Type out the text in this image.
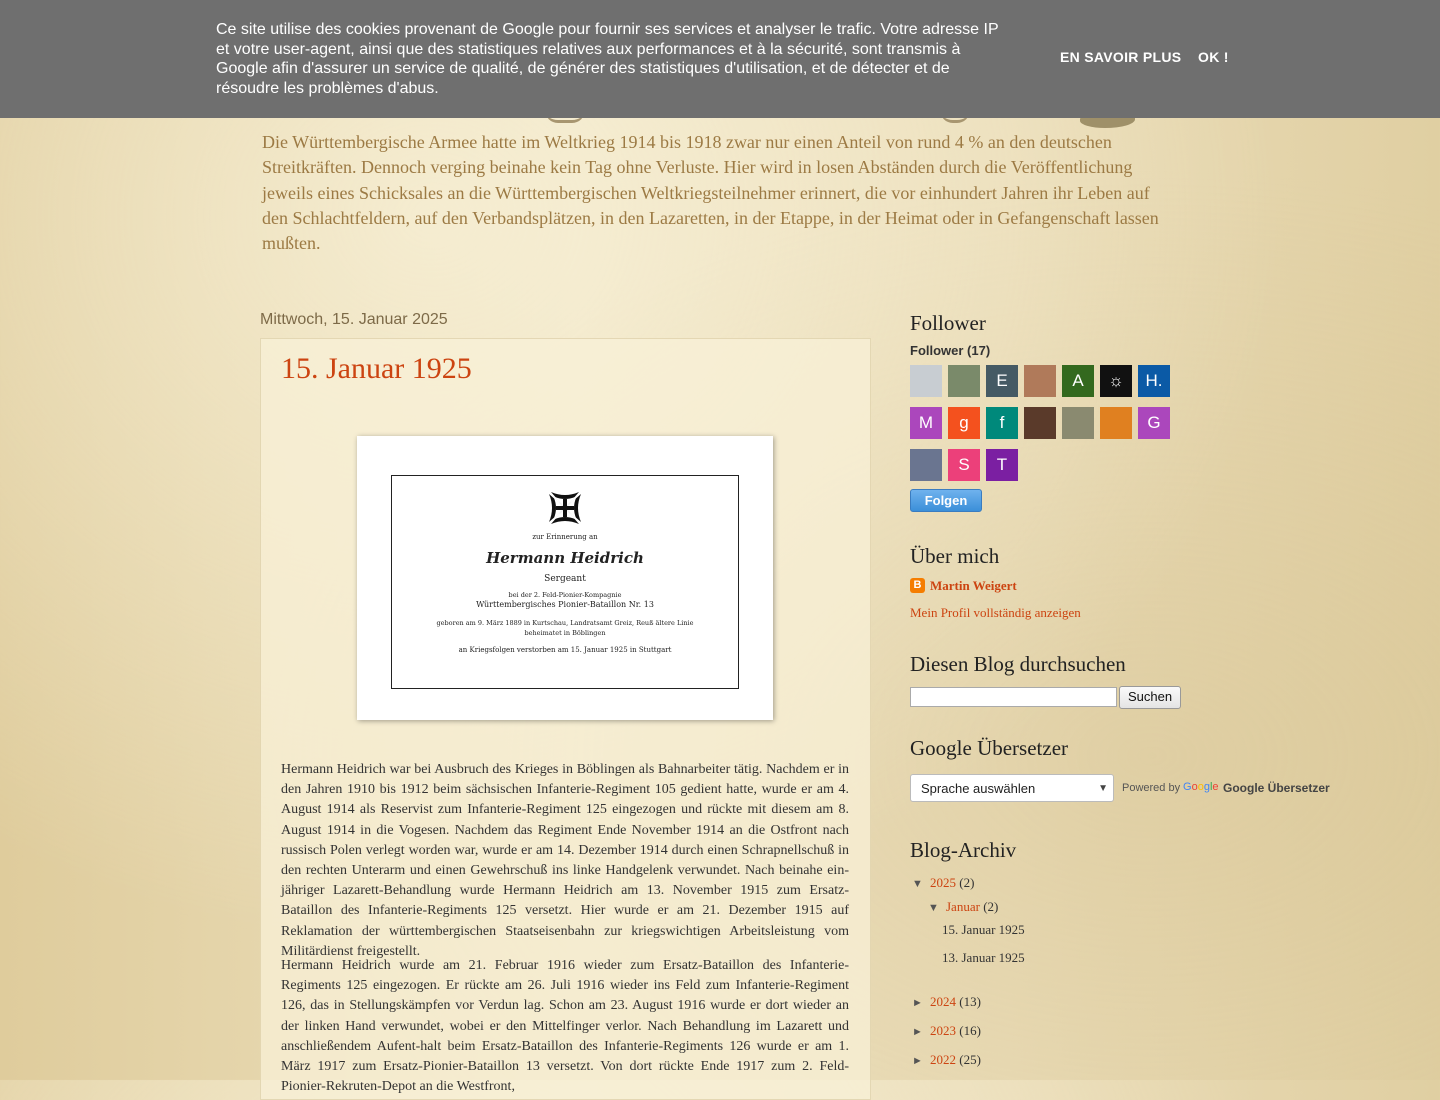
Ce site utilise des cookies provenant de Google pour fournir ses services et analyser le trafic. Votre adresse IP et votre user-agent, ainsi que des statistiques relatives aux performances et à la sécurité, sont transmis à Google afin d'assurer un service de qualité, de générer des statistiques d'utilisation, et de détecter et de résoudre les problèmes d'abus.
EN SAVOIR PLUS OK !
Die Württembergische Armee hatte im Weltkrieg 1914 bis 1918 zwar nur einen Anteil von rund 4 % an den deutschen Streitkräften. Dennoch verging beinahe kein Tag ohne Verluste. Hier wird in losen Abständen durch die Veröffentlichung jeweils eines Schicksales an die Württembergischen Weltkriegsteilnehmer erinnert, die vor einhundert Jahren ihr Leben auf den Schlachtfeldern, auf den Verbandsplätzen, in den Lazaretten, in der Etappe, in der Heimat oder in Gefangenschaft lassen mußten.
Mittwoch, 15. Januar 2025
15. Januar 1925
zur Erinnerung an
Hermann Heidrich
Sergeant
bei der 2. Feld-Pionier-Kompagnie
Württembergisches Pionier-Bataillon Nr. 13
geboren am 9. März 1889 in Kurtschau, Landratsamt Greiz, Reuß ältere Linie
beheimatet in Böblingen
an Kriegsfolgen verstorben am 15. Januar 1925 in Stuttgart
Hermann Heidrich war bei Ausbruch des Krieges in Böblingen als Bahnarbeiter tätig. Nachdem er in den Jahren 1910 bis 1912 beim sächsischen Infanterie-Regiment 105 gedient hatte, wurde er am 4. August 1914 als Reservist zum Infanterie-Regiment 125 eingezogen und rückte mit diesem am 8. August 1914 in die Vogesen. Nachdem das Regiment Ende November 1914 an die Ostfront nach russisch Polen verlegt worden war, wurde er am 14. Dezember 1914 durch einen Schrapnellschuß in den rechten Unterarm und einen Gewehrschuß ins linke Handgelenk verwundet. Nach beinahe ein-jähriger Lazarett-Behandlung wurde Hermann Heidrich am 13. November 1915 zum Ersatz-Bataillon des Infanterie-Regiments 125 versetzt. Hier wurde er am 21. Dezember 1915 auf Reklamation der württembergischen Staatseisenbahn zur kriegswichtigen Arbeitsleistung vom Militärdienst freigestellt.
Hermann Heidrich wurde am 21. Februar 1916 wieder zum Ersatz-Bataillon des Infanterie-Regiments 125 eingezogen. Er rückte am 26. Juli 1916 wieder ins Feld zum Infanterie-Regiment 126, das in Stellungskämpfen vor Verdun lag. Schon am 23. August 1916 wurde er dort wieder an der linken Hand verwundet, wobei er den Mittelfinger verlor. Nach Behandlung im Lazarett und anschließendem Aufent-halt beim Ersatz-Bataillon des Infanterie-Regiments 126 wurde er am 1. März 1917 zum Ersatz-Pionier-Bataillon 13 versetzt. Von dort rückte Ende 1917 zum 2. Feld-Pionier-Rekruten-Depot an die Westfront,
Follower
Follower (17)
E	A	☼	H.
M	g	f	G
S	T
Folgen
Über mich
B Martin Weigert
Mein Profil vollständig anzeigen
Diesen Blog durchsuchen
Suchen
Google Übersetzer
Sprache auswählen	▼ Powered by Google Google Übersetzer
Blog-Archiv
▼ 2025 (2)
▼ Januar (2)
15. Januar 1925
13. Januar 1925
► 2024 (13)
► 2023 (16)
► 2022 (25)
